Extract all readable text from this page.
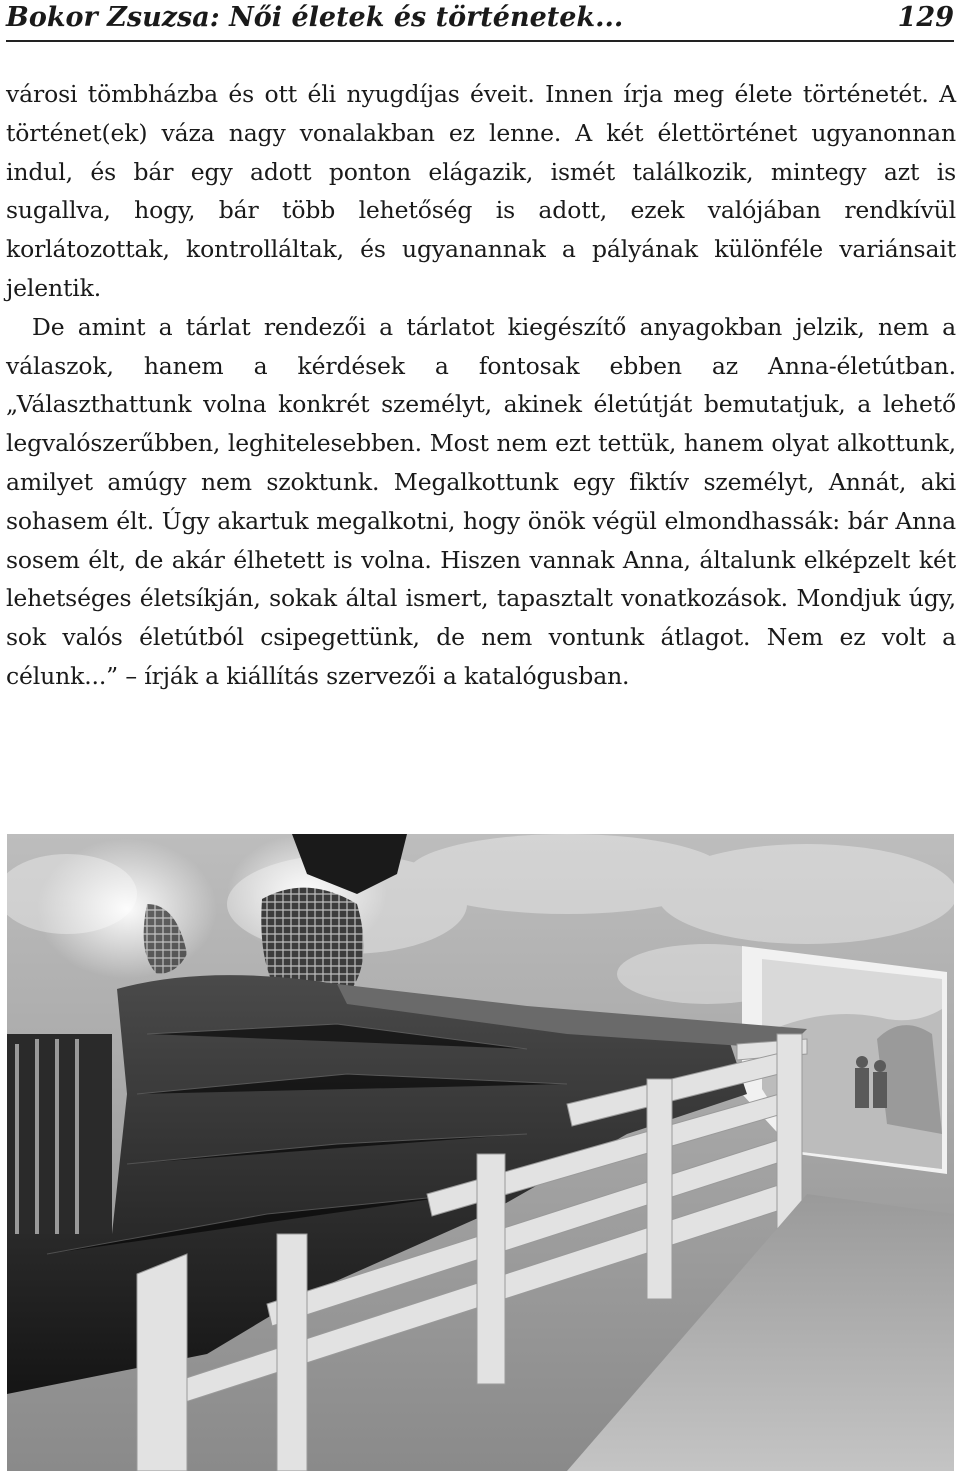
Bokor Zsuzsa: Női életek és történetek...	129

városi tömbházba és ott éli nyugdíjas éveit. Innen írja meg élete történetét. A történet(ek) váza nagy vonalakban ez lenne. A két élettörténet ugyanonnan indul, és bár egy adott ponton elágazik, ismét találkozik, mintegy azt is sugallva, hogy, bár több lehetőség is adott, ezek valójában rendkívül korlátozottak, kontrolláltak, és ugyanannak a pályának különféle variánsait jelentik.

De amint a tárlat rendezői a tárlatot kiegészítő anyagokban jelzik, nem a válaszok, hanem a kérdések a fontosak ebben az Anna-életútban. „Választhattunk volna konkrét személyt, akinek életútját bemutatjuk, a lehető legvalószerűbben, leghitelesebben. Most nem ezt tettük, hanem olyat alkottunk, amilyet amúgy nem szoktunk. Megalkottunk egy fiktív személyt, Annát, aki sohasem élt. Úgy akartuk megalkotni, hogy önök végül elmondhassák: bár Anna sosem élt, de akár élhetett is volna. Hiszen vannak Anna, általunk elképzelt két lehetséges életsíkján, sokak által ismert, tapasztalt vonatkozások. Mondjuk úgy, sok valós életútból csipegettünk, de nem vontunk átlagot. Nem ez volt a célunk...” – írják a kiállítás szervezői a katalógusban.
